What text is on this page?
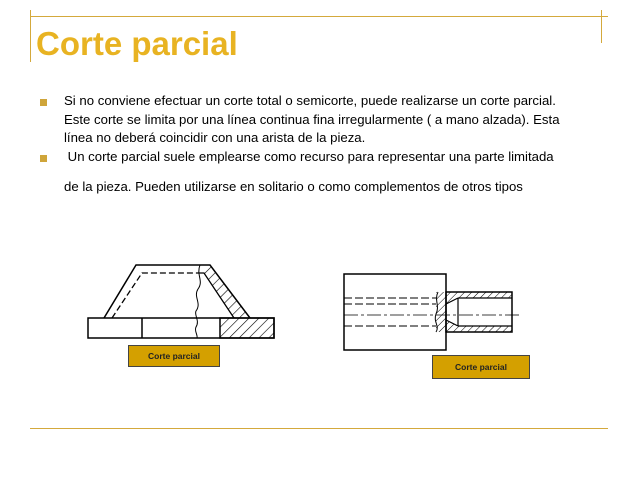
Corte parcial

Si no conviene efectuar un corte total o semicorte, puede realizarse un corte parcial.

Este corte se limita por una línea continua fina irregularmente ( a mano alzada). Esta

línea no deberá coincidir con una arista de la pieza.

Un corte parcial suele emplearse como recurso para representar una parte limitada

de la pieza. Pueden utilizarse en solitario o como complementos de otros tipos

Corte parcial
Corte parcial
